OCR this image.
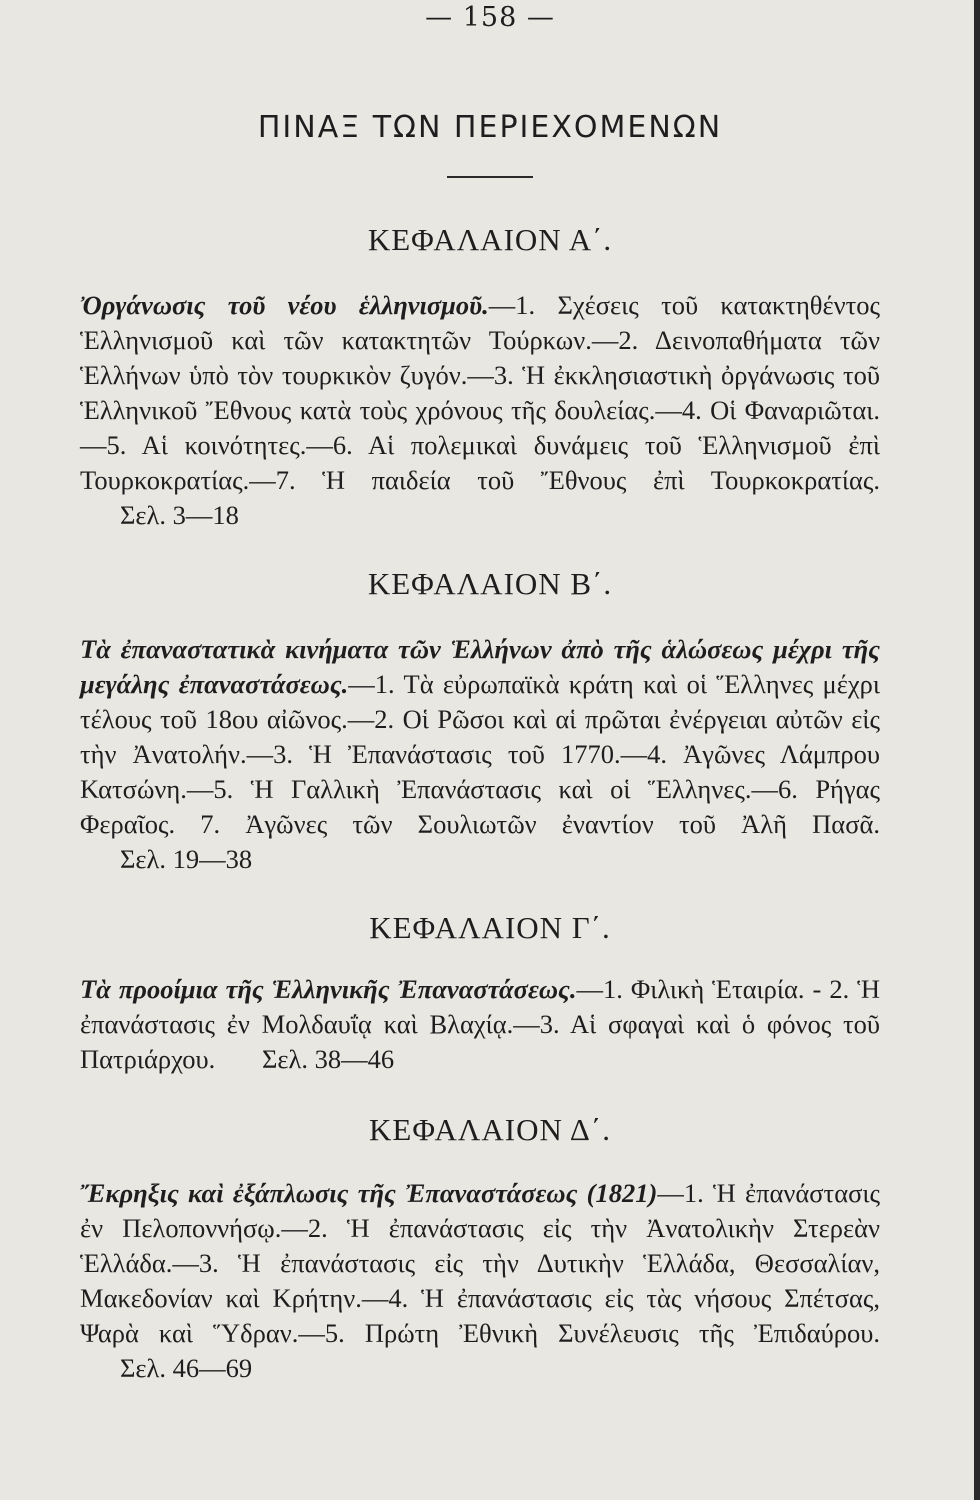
— 158 —
ΠΙΝΑΞ ΤΩΝ ΠΕΡΙΕΧΟΜΕΝΩΝ
ΚΕΦΑΛΑΙΟΝ Α΄.
Ὀργάνωσις τοῦ νέου ἑλληνισμοῦ.—1. Σχέσεις τοῦ κατακτηθέντος Ἑλληνισμοῦ καὶ τῶν κατακτητῶν Τούρκων.—2. Δεινοπαθήματα τῶν Ἑλλήνων ὑπὸ τὸν τουρκικὸν ζυγόν.—3. Ἡ ἐκκλησιαστικὴ ὀργάνωσις τοῦ Ἑλληνικοῦ Ἔθνους κατὰ τοὺς χρόνους τῆς δουλείας.—4. Οἱ Φαναριῶται.—5. Αἱ κοινότητες.—6. Αἱ πολεμικαὶ δυνάμεις τοῦ Ἑλληνισμοῦ ἐπὶ Τουρκοκρατίας.—7. Ἡ παιδεία τοῦ Ἔθνους ἐπὶ Τουρκοκρατίας. Σελ. 3—18
ΚΕΦΑΛΑΙΟΝ Β΄.
Τὰ ἐπαναστατικὰ κινήματα τῶν Ἑλλήνων ἀπὸ τῆς ἁλώσεως μέχρι τῆς μεγάλης ἐπαναστάσεως.—1. Τὰ εὐρωπαϊκὰ κράτη καὶ οἱ Ἕλληνες μέχρι τέλους τοῦ 18ου αἰῶνος.—2. Οἱ Ρῶσοι καὶ αἱ πρῶται ἐνέργειαι αὐτῶν εἰς τὴν Ἀνατολήν.—3. Ἡ Ἐπανάστασις τοῦ 1770.—4. Ἀγῶνες Λάμπρου Κατσώνη.—5. Ἡ Γαλλικὴ Ἐπανάστασις καὶ οἱ Ἕλληνες.—6. Ρήγας Φεραῖος. 7. Ἀγῶνες τῶν Σουλιωτῶν ἐναντίον τοῦ Ἀλῆ Πασᾶ. Σελ. 19—38
ΚΕΦΑΛΑΙΟΝ Γ΄.
Τὰ προοίμια τῆς Ἑλληνικῆς Ἐπαναστάσεως.—1. Φιλικὴ Ἑταιρία. - 2. Ἡ ἐπανάστασις ἐν Μολδαυΐᾳ καὶ Βλαχίᾳ.—3. Αἱ σφαγαὶ καὶ ὁ φόνος τοῦ Πατριάρχου. Σελ. 38—46
ΚΕΦΑΛΑΙΟΝ Δ΄.
Ἔκρηξις καὶ ἐξάπλωσις τῆς Ἐπαναστάσεως (1821)—1. Ἡ ἐπανάστασις ἐν Πελοποννήσῳ.—2. Ἡ ἐπανάστασις εἰς τὴν Ἀνατολικὴν Στερεὰν Ἑλλάδα.—3. Ἡ ἐπανάστασις εἰς τὴν Δυτικὴν Ἑλλάδα, Θεσσαλίαν, Μακεδονίαν καὶ Κρήτην.—4. Ἡ ἐπανάστασις εἰς τὰς νήσους Σπέτσας, Ψαρὰ καὶ Ὕδραν.—5. Πρώτη Ἐθνικὴ Συνέλευσις τῆς Ἐπιδαύρου. Σελ. 46—69
